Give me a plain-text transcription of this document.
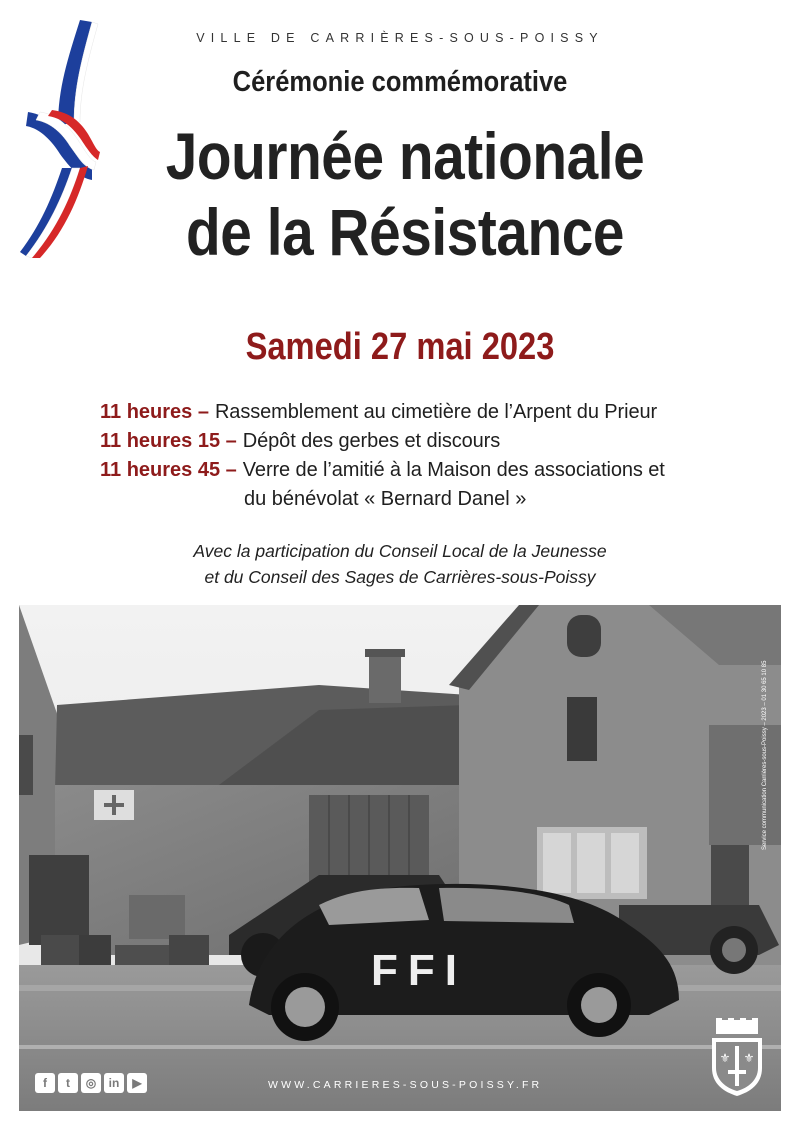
VILLE DE CARRIÈRES-SOUS-POISSY
Cérémonie commémorative
Journée nationale
de la Résistance
Samedi 27 mai 2023
11 heures – Rassemblement au cimetière de l’Arpent du Prieur
11 heures 15 – Dépôt des gerbes et discours
11 heures 45 – Verre de l’amitié à la Maison des associations et
du bénévolat « Bernard Danel »
Avec la participation du Conseil Local de la Jeunesse
et du Conseil des Sages de Carrières-sous-Poissy
FFI
Service communication Carrières-sous-Poissy – 2023 – 01 30 65 10 85
f	t	◎	in	▶	WWW.CARRIERES-SOUS-POISSY.FR
⚜ ⚜
